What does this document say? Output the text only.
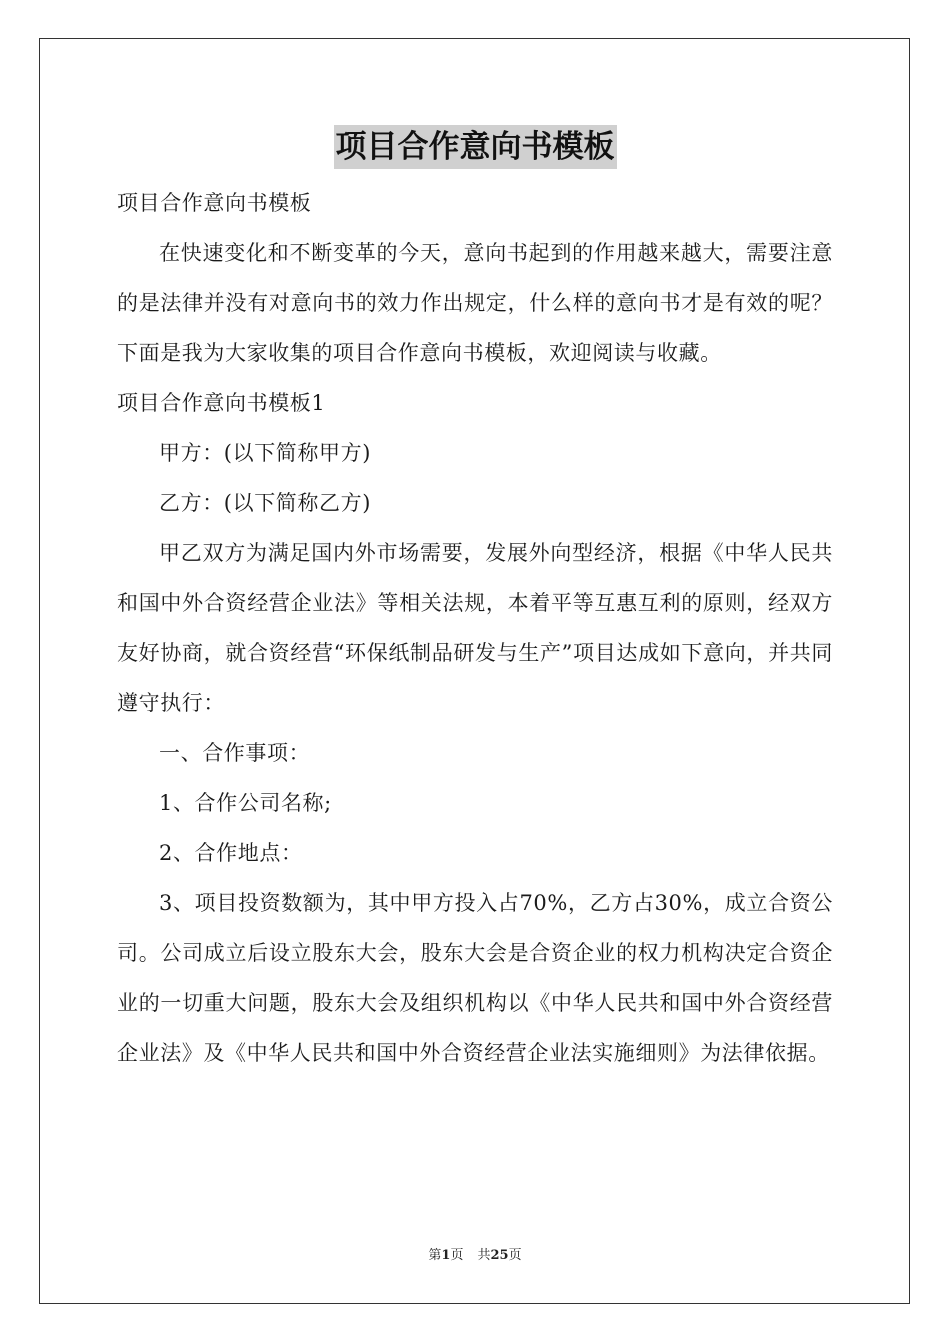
项目合作意向书模板

项目合作意向书模板

在快速变化和不断变革的今天，意向书起到的作用越来越大，需要注意的是法律并没有对意向书的效力作出规定，什么样的意向书才是有效的呢？下面是我为大家收集的项目合作意向书模板，欢迎阅读与收藏。

项目合作意向书模板1

甲方：(以下简称甲方)

乙方：(以下简称乙方)

甲乙双方为满足国内外市场需要，发展外向型经济，根据《中华人民共和国中外合资经营企业法》等相关法规，本着平等互惠互利的原则，经双方友好协商，就合资经营“环保纸制品研发与生产”项目达成如下意向，并共同遵守执行：

一、合作事项：

1、合作公司名称;

2、合作地点：

3、项目投资数额为，其中甲方投入占70%，乙方占30%，成立合资公司。公司成立后设立股东大会，股东大会是合资企业的权力机构决定合资企业的一切重大问题，股东大会及组织机构以《中华人民共和国中外合资经营企业法》及《中华人民共和国中外合资经营企业法实施细则》为法律依据。

第1页 共25页
